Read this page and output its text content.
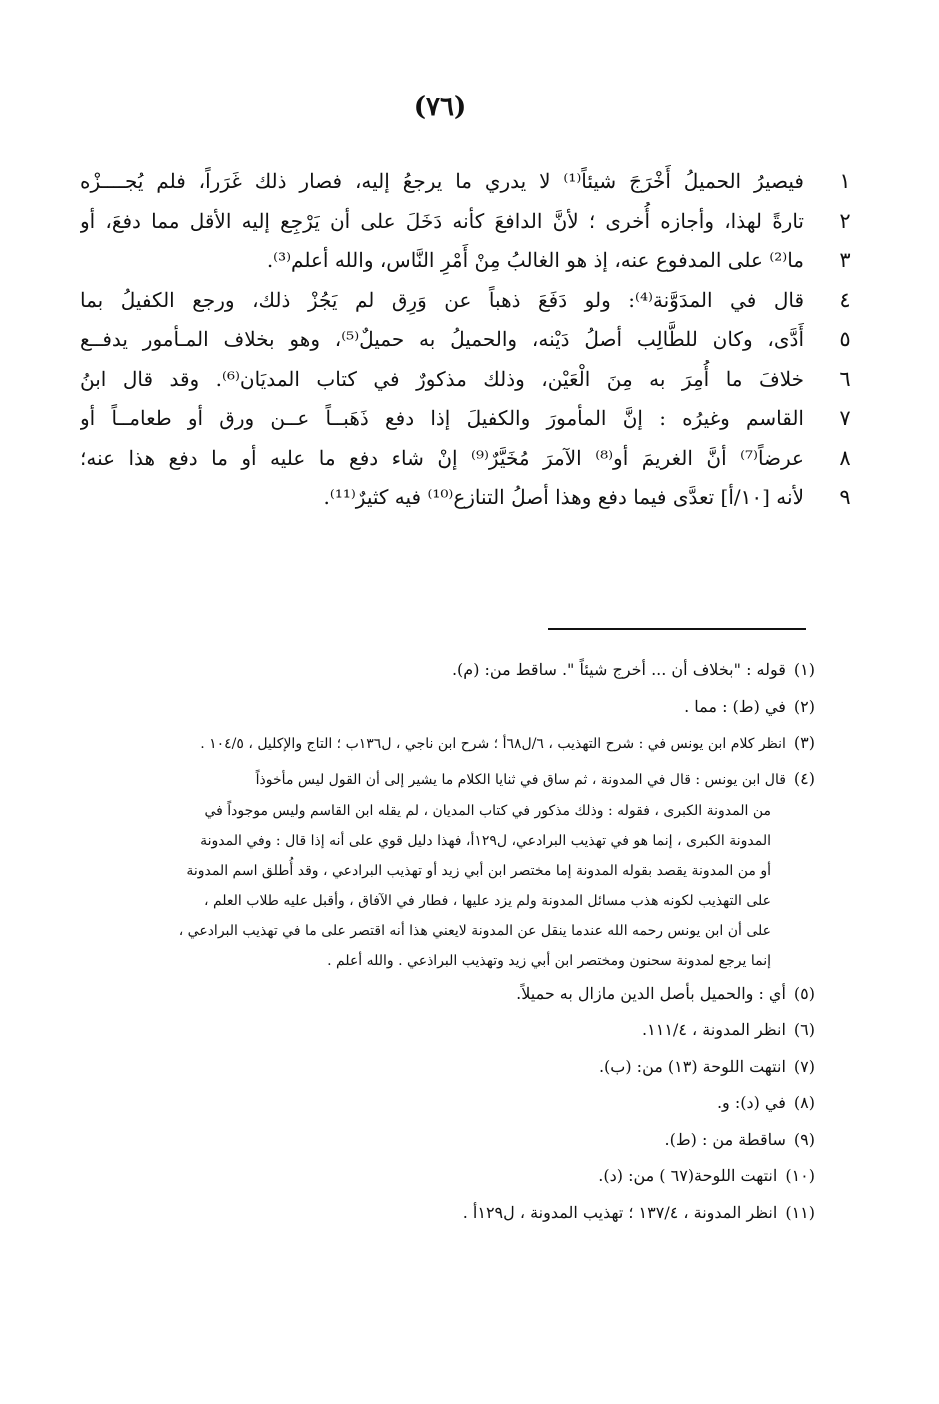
(٧٦)
١
فيصيرُ الحميلُ أَخْرَجَ شيئاً⁽¹⁾ لا يدري ما يرجعُ إليه، فصار ذلك غَرَراً، فلم يُجــــزْه
٢
تارةً لهذا، وأجازه أُخرى ؛ لأنَّ الدافعَ كأنه دَخَلَ على أن يَرْجِع إليه الأقل مما دفعَ، أو
٣
ما⁽²⁾ على المدفوع عنه، إذ هو الغالبُ مِنْ أَمْرِ النَّاس، والله أعلم⁽³⁾.
٤
قال في المدَوَّنة⁽⁴⁾: ولو دَفَعَ ذهباً عن وَرِق لم يَجُزْ ذلك، ورجع الكفيلُ بما
٥
أَدَّى، وكان للطَّالِب أصلُ دَيْنه، والحميلُ به حميلٌ⁽⁵⁾، وهو بخلاف المـأمور يدفــع
٦
خلافَ ما أُمِرَ به مِنَ الْعَيْن، وذلك مذكورٌ في كتاب المديَان⁽⁶⁾. وقد قال ابنُ
٧
القاسم وغيرُه : إنَّ المأمورَ والكفيلَ إذا دفع ذَهَبــاً عــن ورق أو طعامــاً أو
٨
عرضاً⁽⁷⁾ أنَّ الغريمَ أو⁽⁸⁾ الآمرَ مُخَيَّرٌ⁽⁹⁾ إنْ شاء دفع ما عليه أو ما دفع هذا عنه؛
٩
لأنه [١٠/أ] تعدَّى فيما دفع وهذا أصلُ التنازع⁽¹⁰⁾ فيه كثيرٌ⁽¹¹⁾.
(١)قوله : "بخلاف أن ... أخرج شيئاً ". ساقط من: (م).
(٢)في (ط) : مما .
(٣)انظر كلام ابن يونس في : شرح التهذيب ، ٦/ل٦٨أ ؛ شرح ابن ناجي ، ل١٣٦ب ؛ التاج والإكليل ، ١٠٤/٥ .
(٤)قال ابن يونس : قال في المدونة ، ثم ساق في ثنايا الكلام ما يشير إلى أن القول ليس مأخوذاً
من المدونة الكبرى ، فقوله : وذلك مذكور في كتاب المديان ، لم يقله ابن القاسم وليس موجوداً في
المدونة الكبرى ، إنما هو في تهذيب البرادعي، ل١٢٩أ، فهذا دليل قوي على أنه إذا قال : وفي المدونة
أو من المدونة يقصد بقوله المدونة إما مختصر ابن أبي زيد أو تهذيب البرادعي ، وقد أُطلق اسم المدونة
على التهذيب لكونه هذب مسائل المدونة ولم يزد عليها ، فطار في الآفاق ، وأقبل عليه طلاب العلم ،
على أن ابن يونس رحمه الله عندما ينقل عن المدونة لايعني هذا أنه اقتصر على ما في تهذيب البرادعي ،
إنما يرجع لمدونة سحنون ومختصر ابن أبي زيد وتهذيب البراذعي . والله أعلم .
(٥)أي : والحميل بأصل الدين مازال به حميلاً.
(٦)انظر المدونة ، ١١١/٤.
(٧)انتهت اللوحة (١٣) من: (ب).
(٨)في (د): و.
(٩)ساقطة من : (ط).
(١٠)انتهت اللوحة(٦٧ ) من: (د).
(١١)انظر المدونة ، ١٣٧/٤ ؛ تهذيب المدونة ، ل١٢٩أ .
